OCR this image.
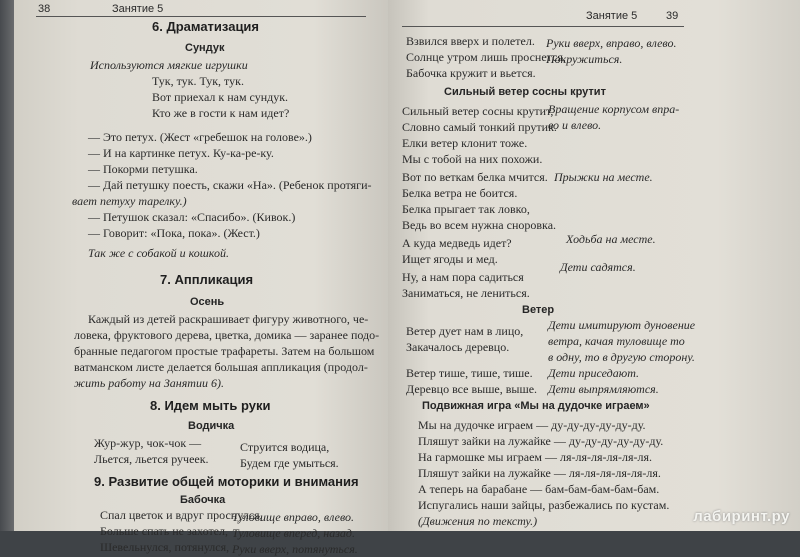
38	Занятие 5
6. Драматизация
Сундук
Используются мягкие игрушки
Тук, тук. Тук, тук.
Вот приехал к нам сундук.
Кто же в гости к нам идет?
— Это петух. (Жест «гребешок на голове».)
— И на картинке петух. Ку-ка-ре-ку.
— Покорми петушка.
— Дай петушку поесть, скажи «На». (Ребенок протяги-
вает петуху тарелку.)
— Петушок сказал: «Спасибо». (Кивок.)
— Говорит: «Пока, пока». (Жест.)
Так же с собакой и кошкой.
7. Аппликация
Осень
Каждый из детей раскрашивает фигуру животного, че-
ловека, фруктового дерева, цветка, домика — заранее подо-
бранные педагогом простые трафареты. Затем на большом
ватманском листе делается большая аппликация (продол-
жить работу на Занятии 6).
8. Идем мыть руки
Водичка
Жур-жур, чок-чок —
Льется, льется ручеек.
Струится водица,
Будем где умыться.
9. Развитие общей моторики и внимания
Бабочка
Спал цветок и вдруг проснулся,
Больше спать не захотел,
Шевельнулся, потянулся,
Туловище вправо, влево.
Туловище вперед, назад.
Руки вверх, потянуться.
Занятие 5	39
Взвился вверх и полетел.
Солнце утром лишь проснется,
Бабочка кружит и вьется.
Руки вверх, вправо, влево.
Покружиться.
Сильный ветер сосны крутит
Сильный ветер сосны крутит,
Словно самый тонкий прутик.
Елки ветер клонит тоже.
Мы с тобой на них похожи.
Вращение корпусом впра-
во и влево.
Вот по веткам белка мчится.
Белка ветра не боится.
Белка прыгает так ловко,
Ведь во всем нужна сноровка.
Прыжки на месте.
А куда медведь идет?
Ищет ягоды и мед.
Ходьба на месте.
Ну, а нам пора садиться
Заниматься, не лениться.
Дети садятся.
Ветер
Ветер дует нам в лицо,
Закачалось деревцо.
Дети имитируют дуновение
ветра, качая туловище то
в одну, то в другую сторону.
Ветер тише, тише, тише.
Деревцо все выше, выше.
Дети приседают.
Дети выпрямляются.
Подвижная игра «Мы на дудочке играем»
Мы на дудочке играем — ду-ду-ду-ду-ду-ду.
Пляшут зайки на лужайке — ду-ду-ду-ду-ду-ду.
На гармошке мы играем — ля-ля-ля-ля-ля-ля.
Пляшут зайки на лужайке — ля-ля-ля-ля-ля-ля.
А теперь на барабане — бам-бам-бам-бам-бам.
Испугались наши зайцы, разбежались по кустам.
(Движения по тексту.)	лабиринт.ру
